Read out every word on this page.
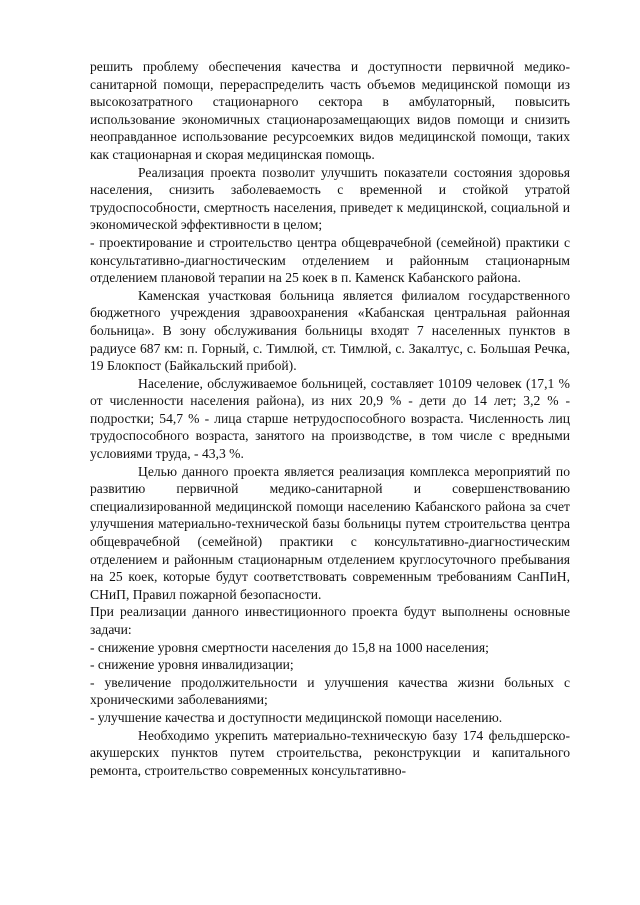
решить проблему обеспечения качества и доступности первичной медико-санитарной помощи, перераспределить часть объемов медицинской помощи из высокозатратного стационарного сектора в амбулаторный, повысить использование экономичных стационарозамещающих видов помощи и снизить неоправданное использование ресурсоемких видов медицинской помощи, таких как стационарная и скорая медицинская помощь.

Реализация проекта позволит улучшить показатели состояния здоровья населения, снизить заболеваемость с временной и стойкой утратой трудоспособности, смертность населения, приведет к медицинской, социальной и экономической эффективности в целом;

- проектирование и строительство центра общеврачебной (семейной) практики с консультативно-диагностическим отделением и районным стационарным отделением плановой терапии на 25 коек в п. Каменск Кабанского района.

Каменская участковая больница является филиалом государственного бюджетного учреждения здравоохранения «Кабанская центральная районная больница». В зону обслуживания больницы входят 7 населенных пунктов в радиусе 687 км: п. Горный, с. Тимлюй, ст. Тимлюй, с. Закалтус, с. Большая Речка, 19 Блокпост (Байкальский прибой).

Население, обслуживаемое больницей, составляет 10109 человек (17,1 % от численности населения района), из них 20,9 % - дети до 14 лет; 3,2 % - подростки; 54,7 % - лица старше нетрудоспособного возраста. Численность лиц трудоспособного возраста, занятого на производстве, в том числе с вредными условиями труда, - 43,3 %.

Целью данного проекта является реализация комплекса мероприятий по развитию первичной медико-санитарной и совершенствованию специализированной медицинской помощи населению Кабанского района за счет улучшения материально-технической базы больницы путем строительства центра общеврачебной (семейной) практики с консультативно-диагностическим отделением и районным стационарным отделением круглосуточного пребывания на 25 коек, которые будут соответствовать современным требованиям СанПиН, СНиП, Правил пожарной безопасности.

При реализации данного инвестиционного проекта будут выполнены основные задачи:

- снижение уровня смертности населения до 15,8 на 1000 населения;

- снижение уровня инвалидизации;

- увеличение продолжительности и улучшения качества жизни больных с хроническими заболеваниями;

- улучшение качества и доступности медицинской помощи населению.

Необходимо укрепить материально-техническую базу 174 фельдшерско-акушерских пунктов путем строительства, реконструкции и капитального ремонта, строительство современных консультативно-
